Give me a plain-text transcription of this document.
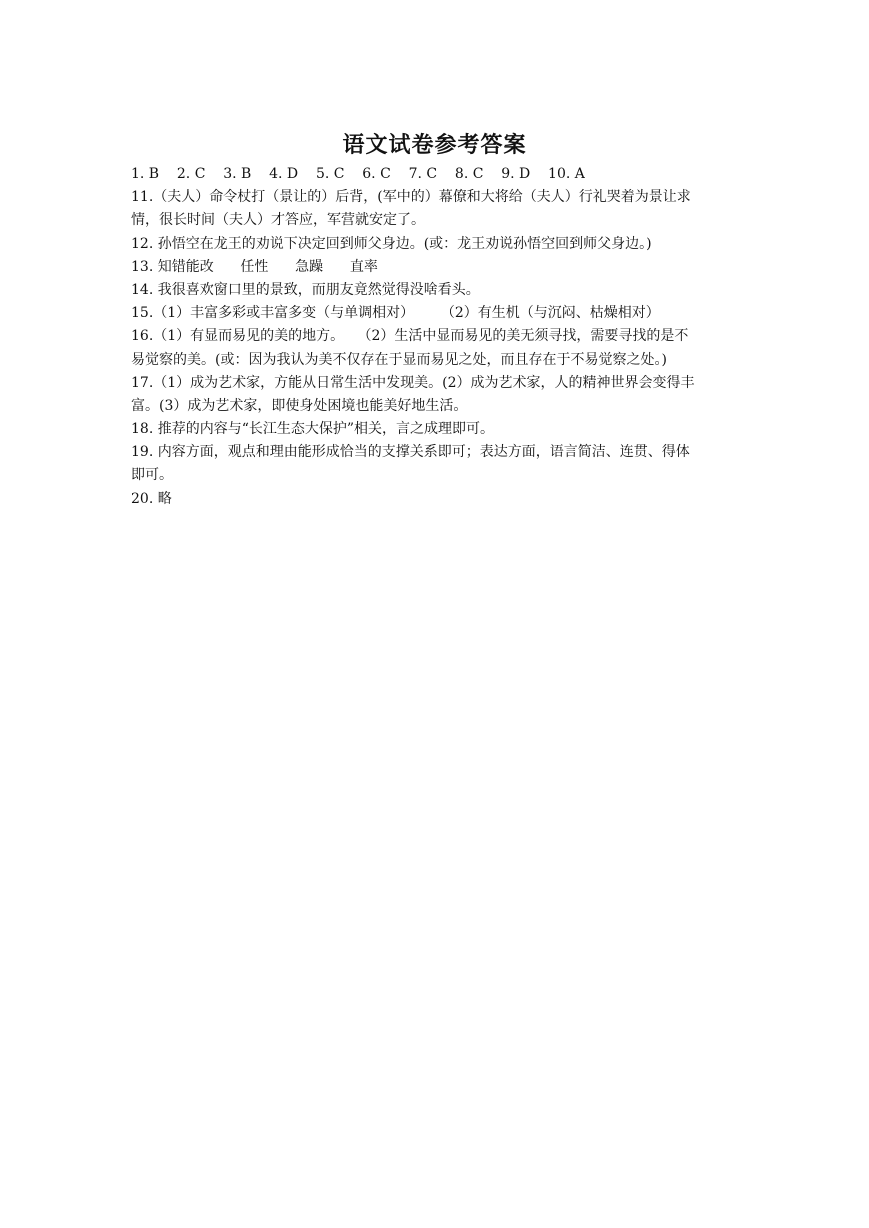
语文试卷参考答案
1. B    2. C    3. B    4. D    5. C    6. C    7. C    8. C    9. D    10. A
11.（夫人）命令杖打（景让的）后背，(军中的）幕僚和大将给（夫人）行礼哭着为景让求
情，很长时间（夫人）才答应，军营就安定了。
12. 孙悟空在龙王的劝说下决定回到师父身边。(或：龙王劝说孙悟空回到师父身边。)
13. 知错能改      任性      急躁      直率
14. 我很喜欢窗口里的景致，而朋友竟然觉得没啥看头。
15.（1）丰富多彩或丰富多变（与单调相对）      （2）有生机（与沉闷、枯燥相对）
16.（1）有显而易见的美的地方。   （2）生活中显而易见的美无须寻找，需要寻找的是不
易觉察的美。(或：因为我认为美不仅存在于显而易见之处，而且存在于不易觉察之处。)
17.（1）成为艺术家，方能从日常生活中发现美。(2）成为艺术家，人的精神世界会变得丰
富。(3）成为艺术家，即使身处困境也能美好地生活。
18. 推荐的内容与“长江生态大保护”相关，言之成理即可。
19. 内容方面，观点和理由能形成恰当的支撑关系即可；表达方面，语言简洁、连贯、得体
即可。
20. 略
